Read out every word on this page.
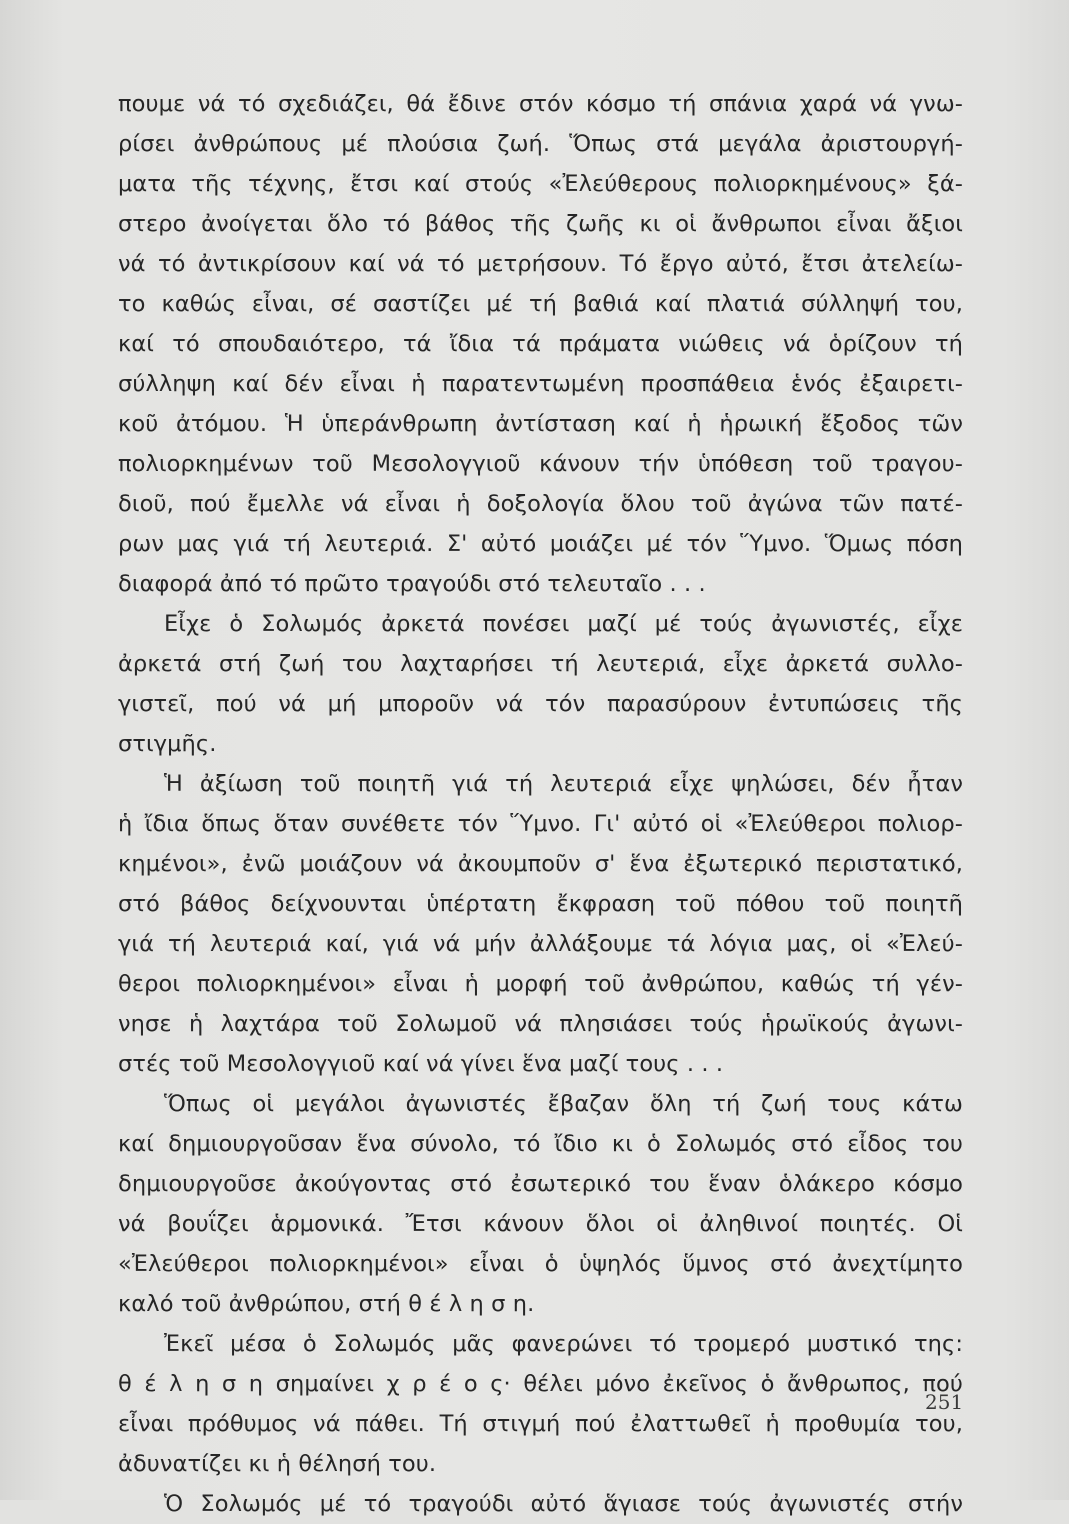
πουμε νά τό σχεδιάζει, θά ἔδινε στόν κόσμο τή σπάνια χαρά νά γνω-
ρίσει ἀνθρώπους μέ πλούσια ζωή. Ὅπως στά μεγάλα ἀριστουργή-
ματα τῆς τέχνης, ἔτσι καί στούς «Ἐλεύθερους πολιορκημένους» ξά-
στερο ἀνοίγεται ὅλο τό βάθος τῆς ζωῆς κι οἱ ἄνθρωποι εἶναι ἄξιοι
νά τό ἀντικρίσουν καί νά τό μετρήσουν. Τό ἔργο αὐτό, ἔτσι ἀτελείω-
το καθώς εἶναι, σέ σαστίζει μέ τή βαθιά καί πλατιά σύλληψή του,
καί τό σπουδαιότερο, τά ἴδια τά πράματα νιώθεις νά ὁρίζουν τή
σύλληψη καί δέν εἶναι ἡ παρατεντωμένη προσπάθεια ἑνός ἐξαιρετι-
κοῦ ἀτόμου. Ἡ ὑπεράνθρωπη ἀντίσταση καί ἡ ἡρωική ἔξοδος τῶν
πολιορκημένων τοῦ Μεσολογγιοῦ κάνουν τήν ὑπόθεση τοῦ τραγου-
διοῦ, πού ἔμελλε νά εἶναι ἡ δοξολογία ὅλου τοῦ ἀγώνα τῶν πατέ-
ρων μας γιά τή λευτεριά. Σ' αὐτό μοιάζει μέ τόν Ὕμνο. Ὅμως πόση
διαφορά ἀπό τό πρῶτο τραγούδι στό τελευταῖο . . .
Εἶχε ὁ Σολωμός ἀρκετά πονέσει μαζί μέ τούς ἀγωνιστές, εἶχε
ἀρκετά στή ζωή του λαχταρήσει τή λευτεριά, εἶχε ἀρκετά συλλο-
γιστεῖ, πού νά μή μποροῦν νά τόν παρασύρουν ἐντυπώσεις τῆς
στιγμῆς.
Ἡ ἀξίωση τοῦ ποιητῆ γιά τή λευτεριά εἶχε ψηλώσει, δέν ἦταν
ἡ ἴδια ὅπως ὅταν συνέθετε τόν Ὕμνο. Γι' αὐτό οἱ «Ἐλεύθεροι πολιορ-
κημένοι», ἐνῶ μοιάζουν νά ἀκουμποῦν σ' ἕνα ἐξωτερικό περιστατικό,
στό βάθος δείχνουνται ὑπέρτατη ἔκφραση τοῦ πόθου τοῦ ποιητῆ
γιά τή λευτεριά καί, γιά νά μήν ἀλλάξουμε τά λόγια μας, οἱ «Ἐλεύ-
θεροι πολιορκημένοι» εἶναι ἡ μορφή τοῦ ἀνθρώπου, καθώς τή γέν-
νησε ἡ λαχτάρα τοῦ Σολωμοῦ νά πλησιάσει τούς ἡρωϊκούς ἀγωνι-
στές τοῦ Μεσολογγιοῦ καί νά γίνει ἕνα μαζί τους . . .
Ὅπως οἱ μεγάλοι ἀγωνιστές ἔβαζαν ὅλη τή ζωή τους κάτω
καί δημιουργοῦσαν ἕνα σύνολο, τό ἴδιο κι ὁ Σολωμός στό εἶδος του
δημιουργοῦσε ἀκούγοντας στό ἐσωτερικό του ἕναν ὁλάκερο κόσμο
νά βουΐζει ἁρμονικά. Ἔτσι κάνουν ὅλοι οἱ ἀληθινοί ποιητές. Οἱ
«Ἐλεύθεροι πολιορκημένοι» εἶναι ὁ ὑψηλός ὕμνος στό ἀνεχτίμητο
καλό τοῦ ἀνθρώπου, στή θ έ λ η σ η.
Ἐκεῖ μέσα ὁ Σολωμός μᾶς φανερώνει τό τρομερό μυστικό της:
θ έ λ η σ η σημαίνει χ ρ έ ο ς· θέλει μόνο ἐκεῖνος ὁ ἄνθρωπος, πού
εἶναι πρόθυμος νά πάθει. Τή στιγμή πού ἐλαττωθεῖ ἡ προθυμία του,
ἀδυνατίζει κι ἡ θέλησή του.
Ὁ Σολωμός μέ τό τραγούδι αὐτό ἅγιασε τούς ἀγωνιστές στήν
251
